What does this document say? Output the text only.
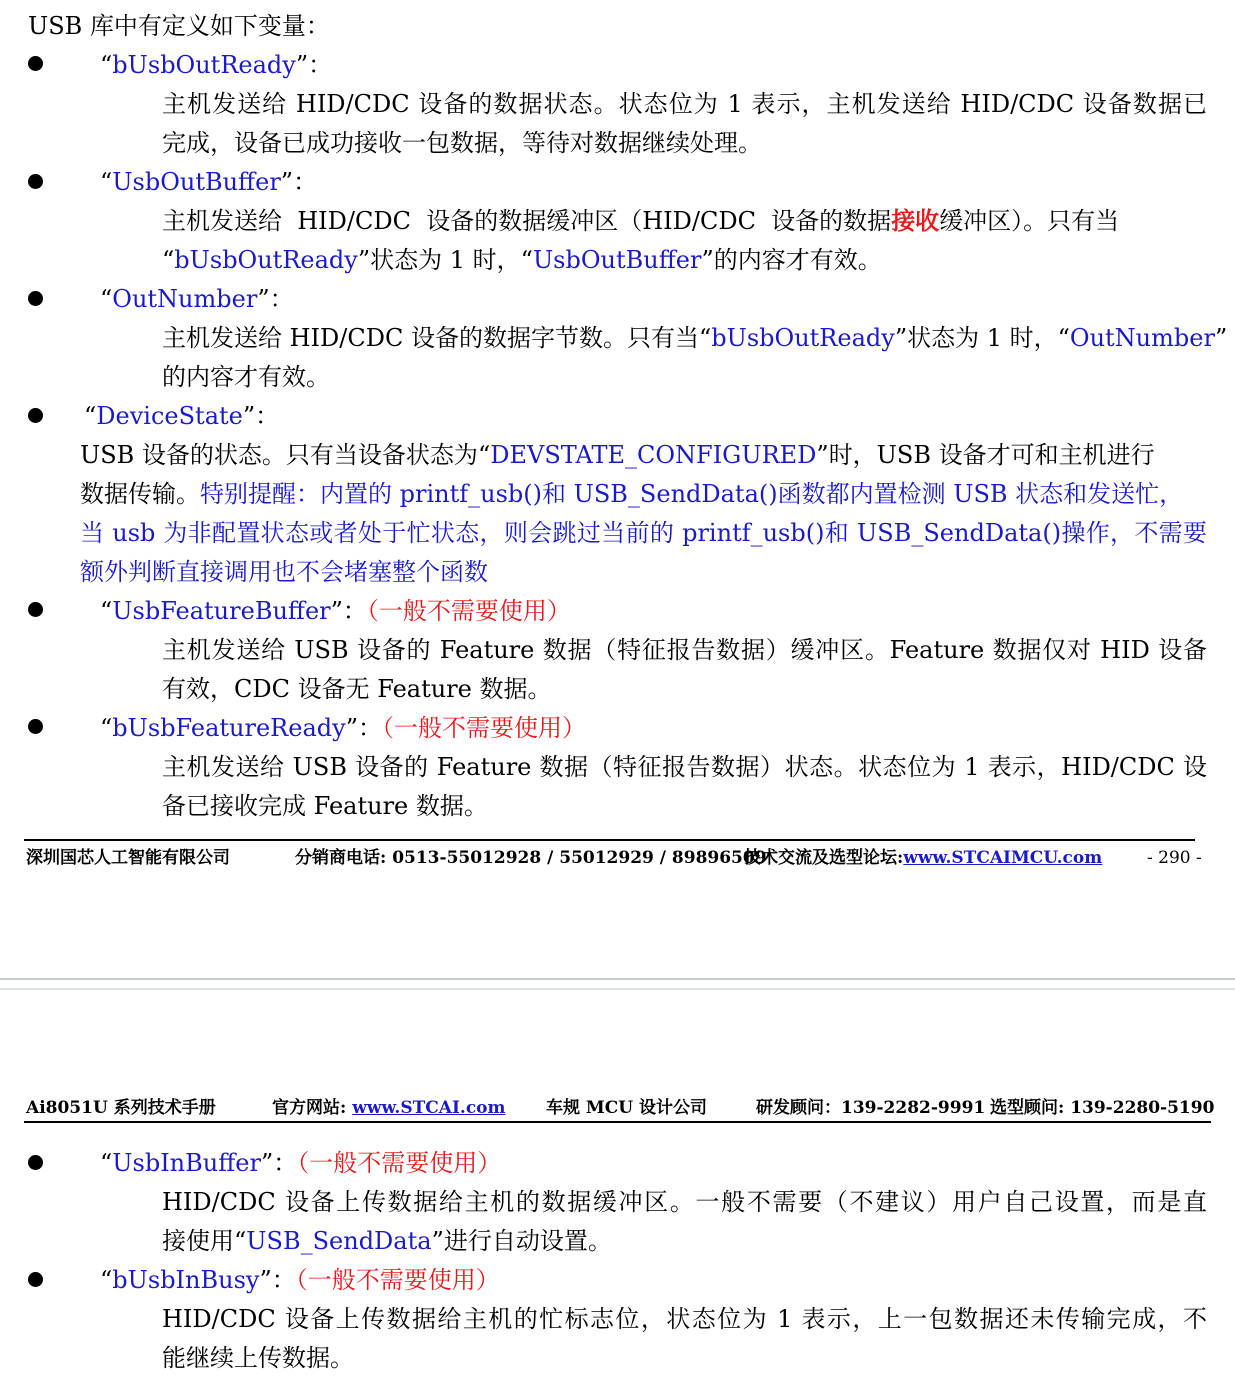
USB 库中有定义如下变量：
“bUsbOutReady”：
主机发送给 HID/CDC 设备的数据状态。状态位为 1 表示，主机发送给 HID/CDC 设备数据已
完成，设备已成功接收一包数据，等待对数据继续处理。
“UsbOutBuffer”：
主机发送给  HID/CDC  设备的数据缓冲区（HID/CDC  设备的数据接收缓冲区）。只有当
“bUsbOutReady”状态为 1 时，“UsbOutBuffer”的内容才有效。
“OutNumber”：
主机发送给 HID/CDC 设备的数据字节数。只有当“bUsbOutReady”状态为 1 时，“OutNumber”
的内容才有效。
“DeviceState”：
USB 设备的状态。只有当设备状态为“DEVSTATE_CONFIGURED”时，USB 设备才可和主机进行
数据传输。特别提醒：内置的 printf_usb()和 USB_SendData()函数都内置检测 USB 状态和发送忙，
当 usb 为非配置状态或者处于忙状态，则会跳过当前的 printf_usb()和 USB_SendData()操作，不需要
额外判断直接调用也不会堵塞整个函数
“UsbFeatureBuffer”：（一般不需要使用）
主机发送给 USB 设备的 Feature 数据（特征报告数据）缓冲区。Feature 数据仅对 HID 设备
有效，CDC 设备无 Feature 数据。
“bUsbFeatureReady”：（一般不需要使用）
主机发送给 USB 设备的 Feature 数据（特征报告数据）状态。状态位为 1 表示，HID/CDC 设
备已接收完成 Feature 数据。
深圳国芯人工智能有限公司	分销商电话: 0513-55012928 / 55012929 / 89896509
技术交流及选型论坛:www.STCAIMCU.com	- 290 -
Ai8051U 系列技术手册	官方网站: www.STCAI.com 车规 MCU 设计公司	研发顾问：139-2282-9991 选型顾问: 139-2280-5190
“UsbInBuffer”：（一般不需要使用）
HID/CDC 设备上传数据给主机的数据缓冲区。一般不需要（不建议）用户自己设置，而是直
接使用“USB_SendData”进行自动设置。
“bUsbInBusy”：（一般不需要使用）
HID/CDC 设备上传数据给主机的忙标志位，状态位为 1 表示，上一包数据还未传输完成，不
能继续上传数据。
